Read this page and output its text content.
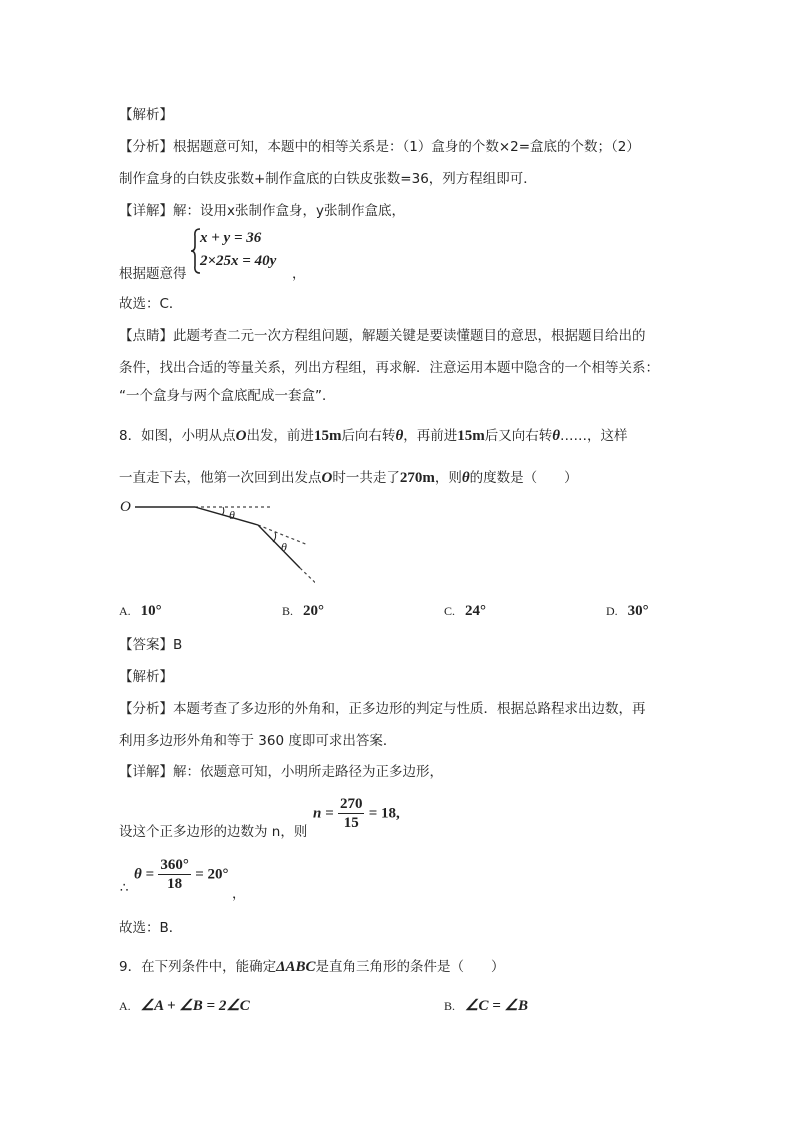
【解析】
【分析】根据题意可知，本题中的相等关系是：（1）盒身的个数×2=盒底的个数；（2）
制作盒身的白铁皮张数+制作盒底的白铁皮张数=36，列方程组即可．
【详解】解：设用x张制作盒身，y张制作盒底，
x + y = 36
2×25x = 40y
根据题意得	，
故选：C．
【点睛】此题考查二元一次方程组问题，解题关键是要读懂题目的意思，根据题目给出的
条件，找出合适的等量关系，列出方程组，再求解．注意运用本题中隐含的一个相等关系：
“一个盒身与两个盒底配成一套盒”．
8．如图，小明从点O出发，前进15m后向右转θ，再前进15m后又向右转θ……，这样
一直走下去，他第一次回到出发点O时一共走了270m，则θ的度数是（　　）
O	θ
θ
A. 10°	B. 20°	C. 24°	D. 30°
【答案】B
【解析】
【分析】本题考查了多边形的外角和，正多边形的判定与性质．根据总路程求出边数，再
利用多边形外角和等于 360 度即可求出答案．
【详解】解：依题意可知，小明所走路径为正多边形，
设这个正多边形的边数为 n，则
$n = \frac{270}{15} = 18$,
$\theta = \frac{360^\circ}{18} = 20^\circ$
∴	，
故选：B．
9．在下列条件中，能确定ΔABC是直角三角形的条件是（　　）
A. ∠A + ∠B = 2∠C	B. ∠C = ∠B
